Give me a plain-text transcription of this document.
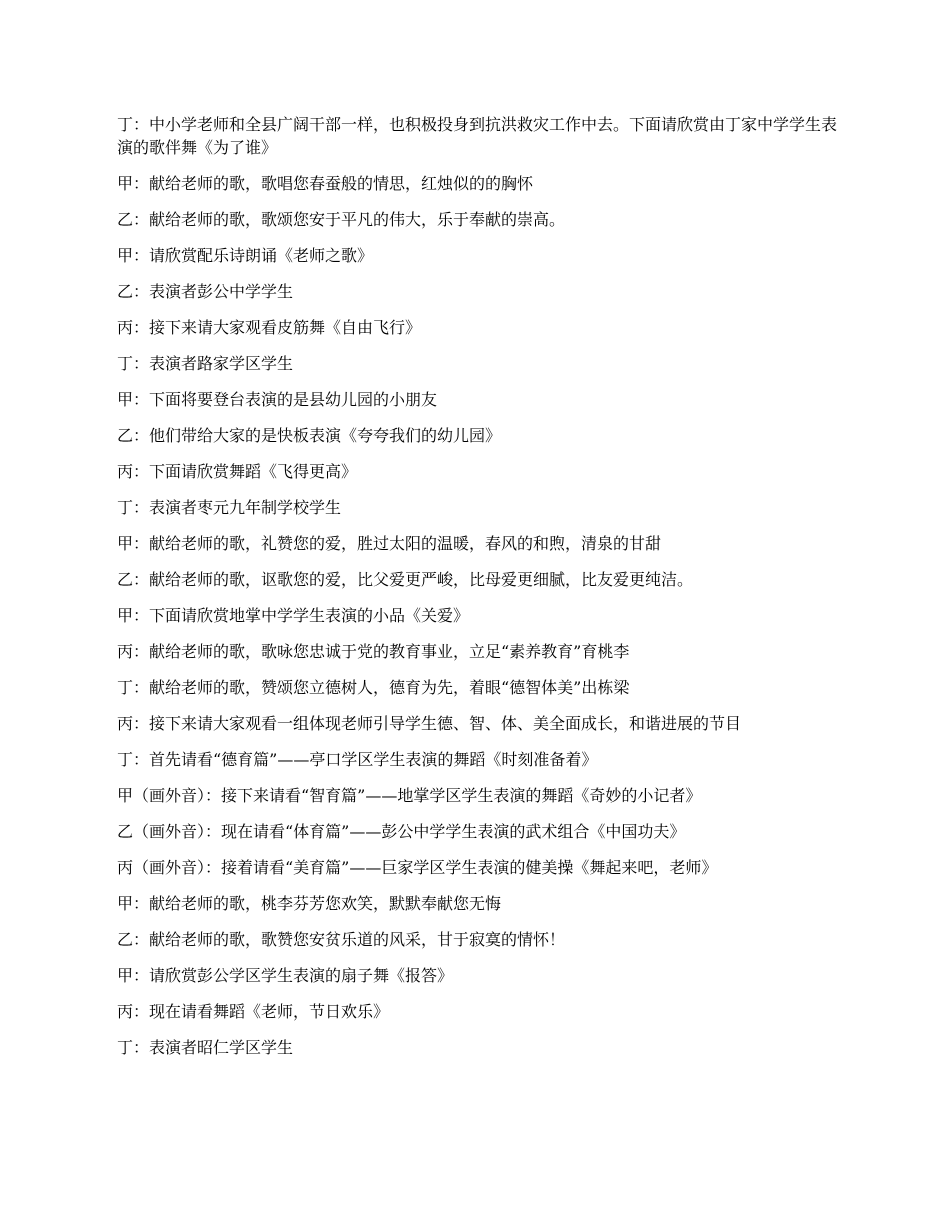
丁：中小学老师和全县广阔干部一样，也积极投身到抗洪救灾工作中去。下面请欣赏由丁家中学学生表演的歌伴舞《为了谁》

甲：献给老师的歌，歌唱您春蚕般的情思，红烛似的的胸怀

乙：献给老师的歌，歌颂您安于平凡的伟大，乐于奉献的崇高。

甲：请欣赏配乐诗朗诵《老师之歌》

乙：表演者彭公中学学生

丙：接下来请大家观看皮筋舞《自由飞行》

丁：表演者路家学区学生

甲：下面将要登台表演的是县幼儿园的小朋友

乙：他们带给大家的是快板表演《夸夸我们的幼儿园》

丙：下面请欣赏舞蹈《飞得更高》

丁：表演者枣元九年制学校学生

甲：献给老师的歌，礼赞您的爱，胜过太阳的温暖，春风的和煦，清泉的甘甜

乙：献给老师的歌，讴歌您的爱，比父爱更严峻，比母爱更细腻，比友爱更纯洁。

甲：下面请欣赏地掌中学学生表演的小品《关爱》

丙：献给老师的歌，歌咏您忠诚于党的教育事业，立足“素养教育”育桃李

丁：献给老师的歌，赞颂您立德树人，德育为先，着眼“德智体美”出栋梁

丙：接下来请大家观看一组体现老师引导学生德、智、体、美全面成长，和谐进展的节目

丁：首先请看“德育篇”——亭口学区学生表演的舞蹈《时刻准备着》

甲（画外音）：接下来请看“智育篇”——地掌学区学生表演的舞蹈《奇妙的小记者》

乙（画外音）：现在请看“体育篇”——彭公中学学生表演的武术组合《中国功夫》

丙（画外音）：接着请看“美育篇”——巨家学区学生表演的健美操《舞起来吧，老师》

甲：献给老师的歌，桃李芬芳您欢笑，默默奉献您无悔

乙：献给老师的歌，歌赞您安贫乐道的风采，甘于寂寞的情怀！

甲：请欣赏彭公学区学生表演的扇子舞《报答》

丙：现在请看舞蹈《老师，节日欢乐》

丁：表演者昭仁学区学生
